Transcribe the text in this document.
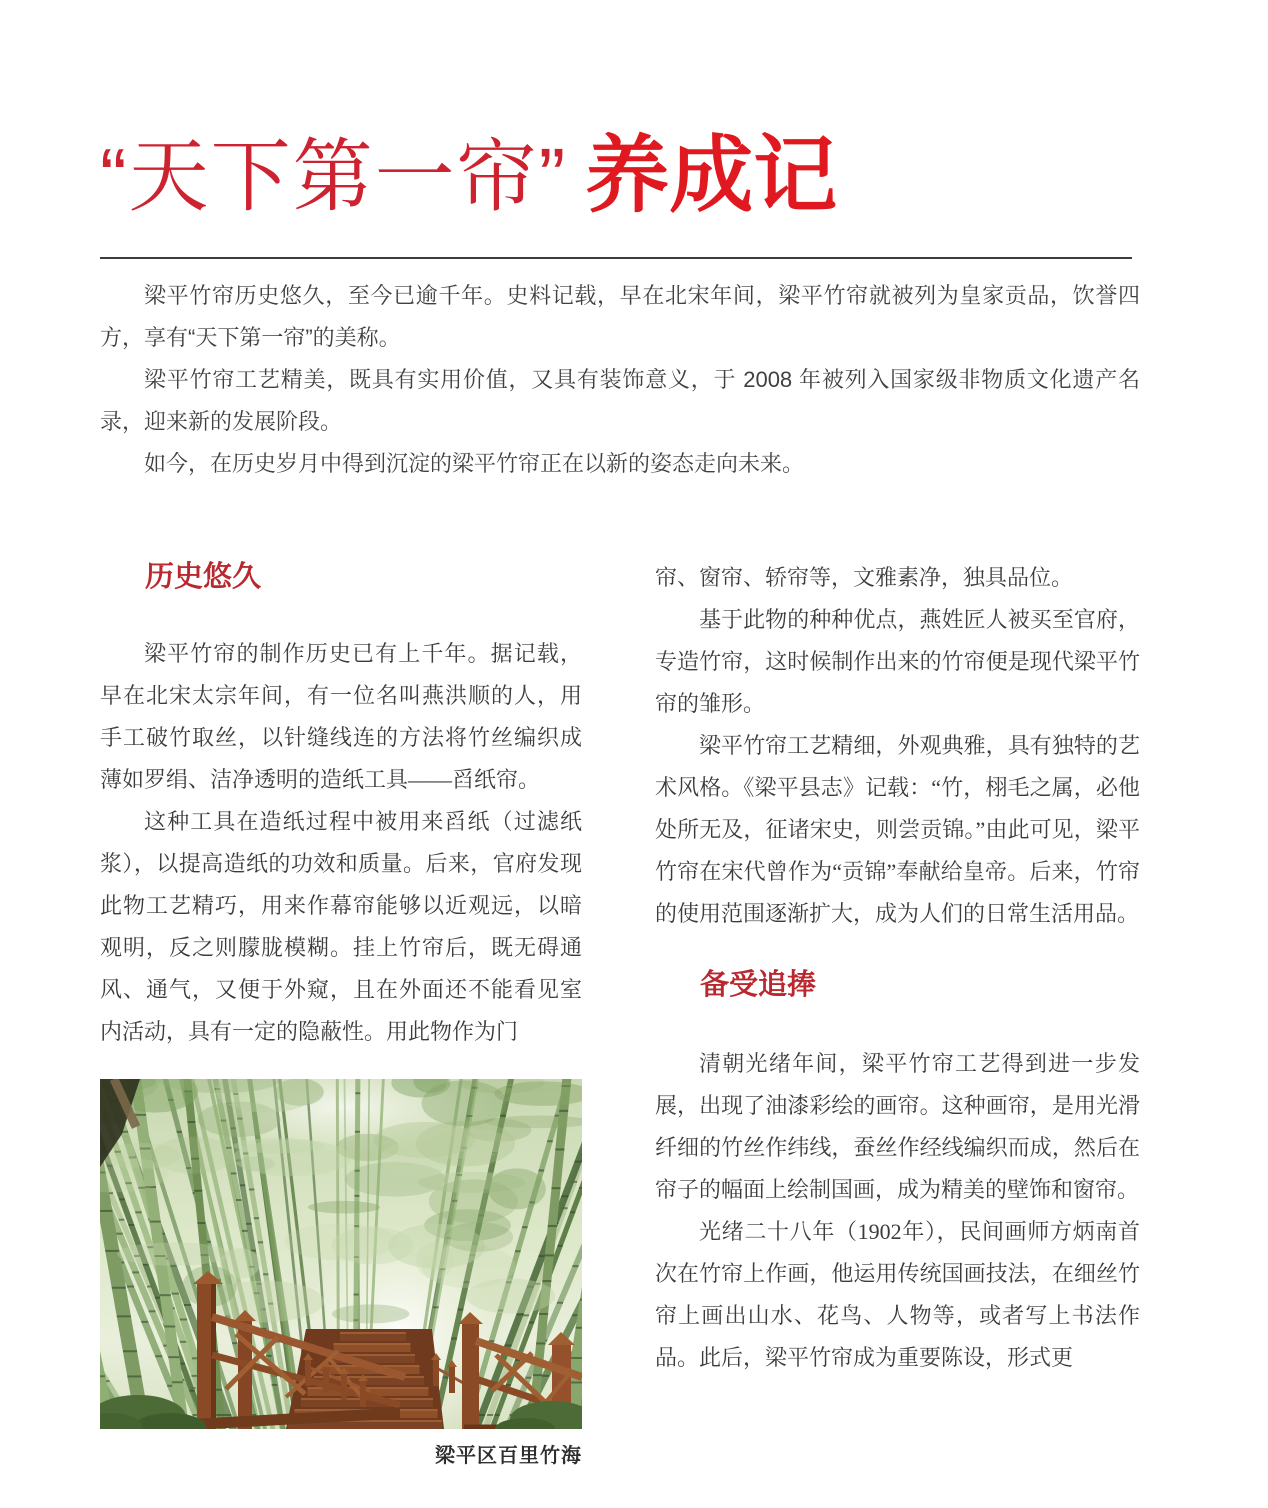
“天下第一帘” 养成记

梁平竹帘历史悠久，至今已逾千年。史料记载，早在北宋年间，梁平竹帘就被列为皇家贡品，饮誉四方，享有“天下第一帘”的美称。

梁平竹帘工艺精美，既具有实用价值，又具有装饰意义，于 2008 年被列入国家级非物质文化遗产名录，迎来新的发展阶段。

如今，在历史岁月中得到沉淀的梁平竹帘正在以新的姿态走向未来。

历史悠久

梁平竹帘的制作历史已有上千年。据记载，早在北宋太宗年间，有一位名叫燕洪顺的人，用手工破竹取丝，以针缝线连的方法将竹丝编织成薄如罗绢、洁净透明的造纸工具——舀纸帘。

这种工具在造纸过程中被用来舀纸（过滤纸浆），以提高造纸的功效和质量。后来，官府发现此物工艺精巧，用来作幕帘能够以近观远，以暗观明，反之则朦胧模糊。挂上竹帘后，既无碍通风、通气，又便于外窥，且在外面还不能看见室内活动，具有一定的隐蔽性。用此物作为门

梁平区百里竹海

帘、窗帘、轿帘等，文雅素净，独具品位。

基于此物的种种优点，燕姓匠人被买至官府，专造竹帘，这时候制作出来的竹帘便是现代梁平竹帘的雏形。

梁平竹帘工艺精细，外观典雅，具有独特的艺术风格。《梁平县志》记载：“竹，栩毛之属，必他处所无及，征诸宋史，则尝贡锦。”由此可见，梁平竹帘在宋代曾作为“贡锦”奉献给皇帝。后来，竹帘的使用范围逐渐扩大，成为人们的日常生活用品。

备受追捧

清朝光绪年间，梁平竹帘工艺得到进一步发展，出现了油漆彩绘的画帘。这种画帘，是用光滑纤细的竹丝作纬线，蚕丝作经线编织而成，然后在帘子的幅面上绘制国画，成为精美的壁饰和窗帘。

光绪二十八年（1902年），民间画师方炳南首次在竹帘上作画，他运用传统国画技法，在细丝竹帘上画出山水、花鸟、人物等，或者写上书法作品。此后，梁平竹帘成为重要陈设，形式更
